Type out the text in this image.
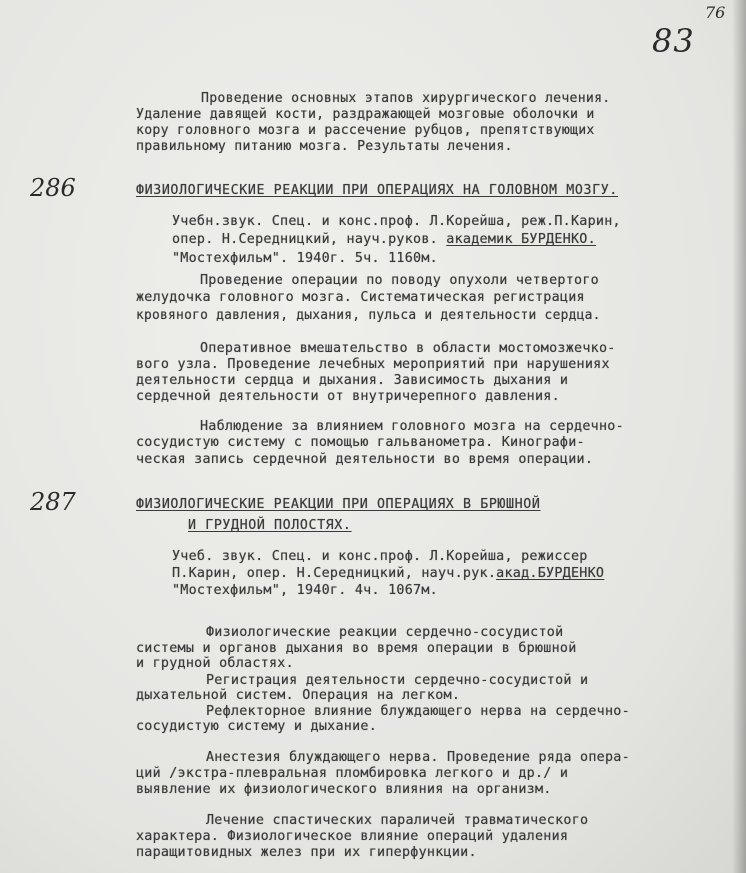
76
83
Проведение основных этапов хирургического лечения.
Удаление давящей кости, раздражающей мозговые оболочки и
кору головного мозга и рассечение рубцов, препятствующих
правильному питанию мозга. Результаты лечения.
286	ФИЗИОЛОГИЧЕСКИЕ РЕАКЦИИ ПРИ ОПЕРАЦИЯХ НА ГОЛОВНОМ МОЗГУ.
Учебн.звук. Спец. и конс.проф. Л.Корейша, реж.П.Карин,
опер. Н.Середницкий, науч.руков. академик БУРДЕНКО.
"Мостехфильм". 1940г. 5ч. 1160м.
Проведение операции по поводу опухоли четвертого
желудочка головного мозга. Систематическая регистрация
кровяного давления, дыхания, пульса и деятельности сердца.
Оперативное вмешательство в области мостомозжечко-
вого узла. Проведение лечебных мероприятий при нарушениях
деятельности сердца и дыхания. Зависимость дыхания и
сердечной деятельности от внутричерепного давления.
Наблюдение за влиянием головного мозга на сердечно-
сосудистую систему с помощью гальванометра. Кинографи-
ческая запись сердечной деятельности во время операции.
287	ФИЗИОЛОГИЧЕСКИЕ РЕАКЦИИ ПРИ ОПЕРАЦИЯХ В БРЮШНОЙ
И ГРУДНОЙ ПОЛОСТЯХ.
Учеб. звук. Спец. и конс.проф. Л.Корейша, режиссер
П.Карин, опер. Н.Середницкий, науч.рук.акад.БУРДЕНКО
"Мостехфильм", 1940г. 4ч. 1067м.
Физиологические реакции сердечно-сосудистой
системы и органов дыхания во время операции в брюшной
и грудной областях.
Регистрация деятельности сердечно-сосудистой и
дыхательной систем. Операция на легком.
Рефлекторное влияние блуждающего нерва на сердечно-
сосудистую систему и дыхание.
Анестезия блуждающего нерва. Проведение ряда опера-
ций /экстра-плевральная пломбировка легкого и др./ и
выявление их физиологического влияния на организм.
Лечение спастических параличей травматического
характера. Физиологическое влияние операций удаления
паращитовидных желез при их гиперфункции.
